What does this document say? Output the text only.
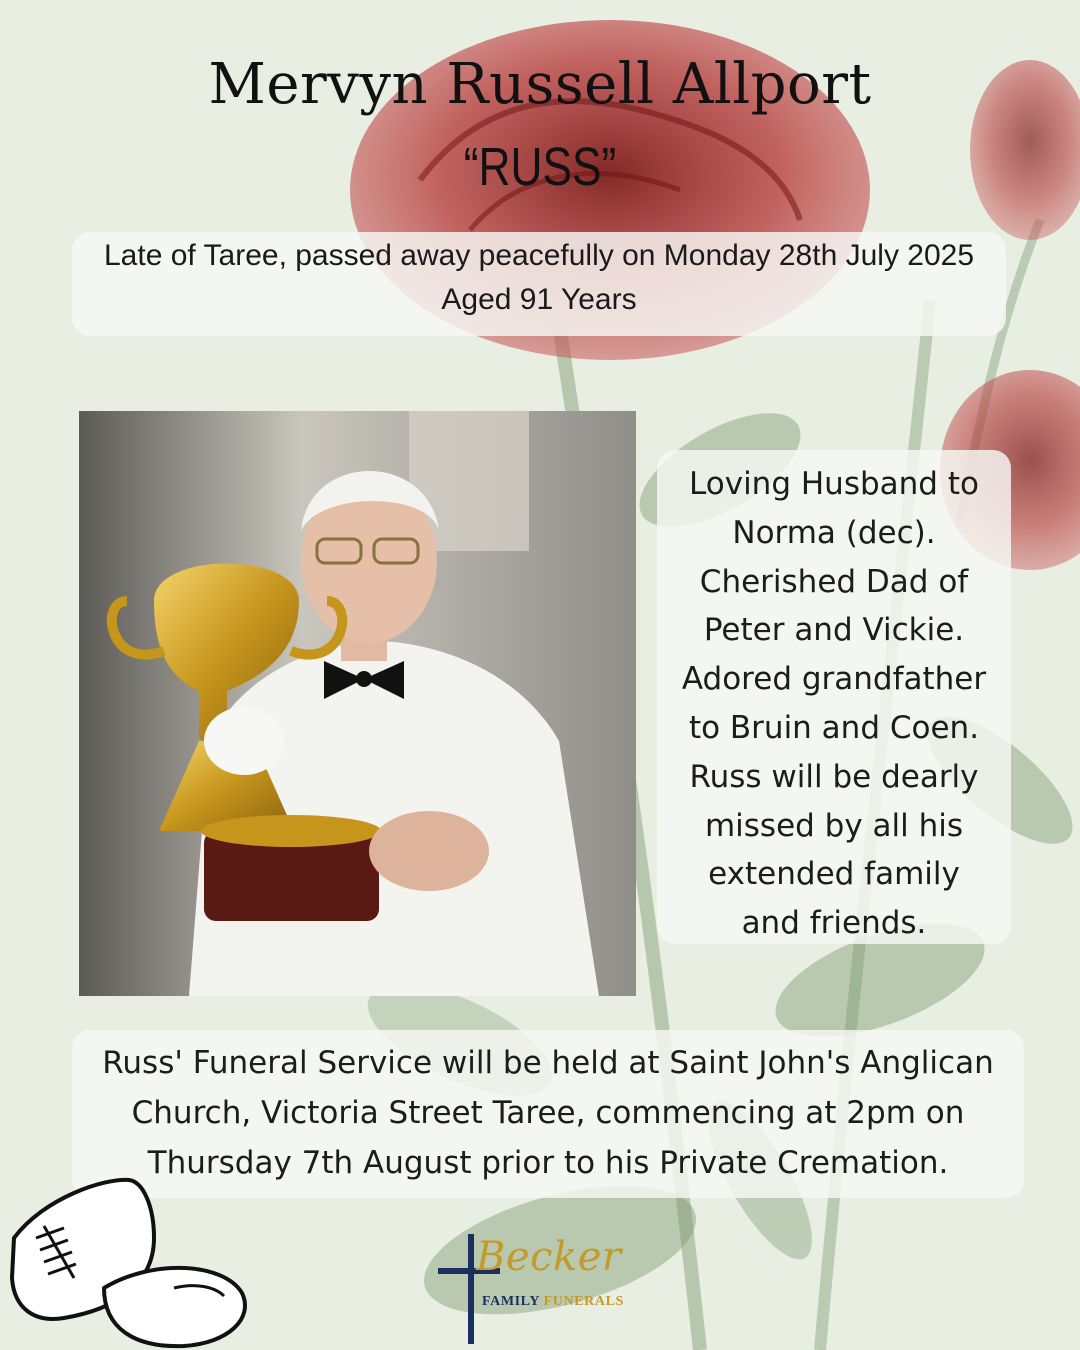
Mervyn Russell Allport
“RUSS”
Late of Taree, passed away peacefully on Monday 28th July 2025
Aged 91 Years
Loving Husband to
Norma (dec).
Cherished Dad of
Peter and Vickie.
Adored grandfather
to Bruin and Coen.
Russ will be dearly
missed by all his
extended family
and friends.
Russ' Funeral Service will be held at Saint John's Anglican
Church, Victoria Street Taree, commencing at 2pm on
Thursday 7th August prior to his Private Cremation.
Becker
FAMILY FUNERALS
